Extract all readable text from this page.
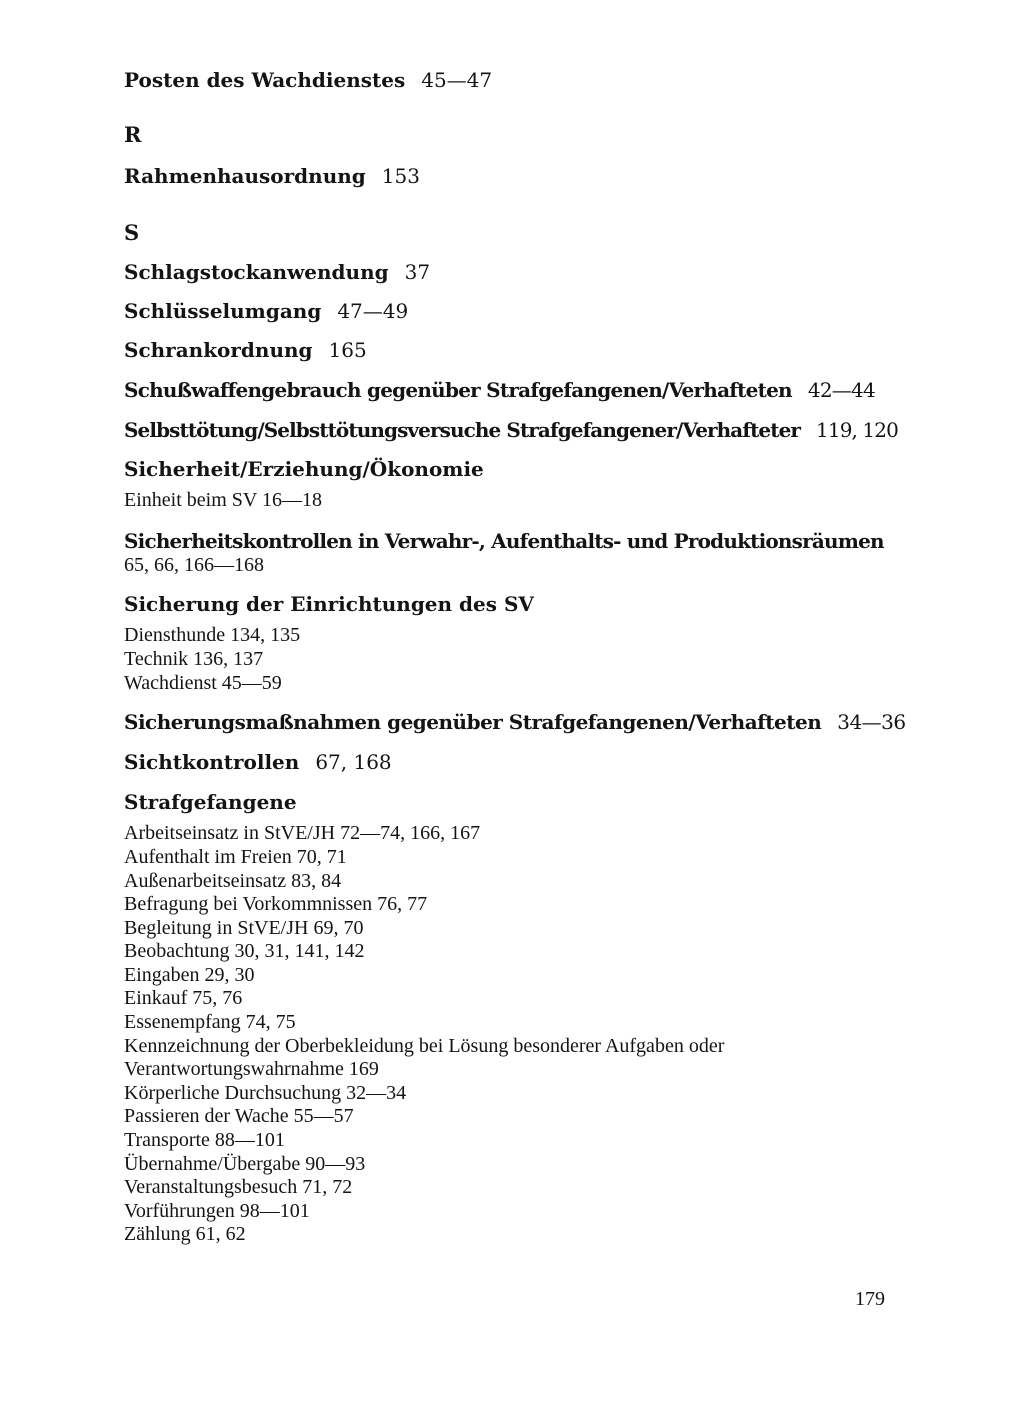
Posten des Wachdienstes 45—47
R
Rahmenhausordnung 153
S
Schlagstockanwendung 37
Schlüsselumgang 47—49
Schrankordnung 165
Schußwaffengebrauch gegenüber Strafgefangenen/Verhafteten 42—44
Selbsttötung/Selbsttötungsversuche Strafgefangener/Verhafteter 119, 120
Sicherheit/Erziehung/Ökonomie
Einheit beim SV 16—18
Sicherheitskontrollen in Verwahr-, Aufenthalts- und Produktionsräumen
65, 66, 166—168
Sicherung der Einrichtungen des SV
Diensthunde 134, 135
Technik 136, 137
Wachdienst 45—59
Sicherungsmaßnahmen gegenüber Strafgefangenen/Verhafteten 34—36
Sichtkontrollen 67, 168
Strafgefangene
Arbeitseinsatz in StVE/JH 72—74, 166, 167
Aufenthalt im Freien 70, 71
Außenarbeitseinsatz 83, 84
Befragung bei Vorkommnissen 76, 77
Begleitung in StVE/JH 69, 70
Beobachtung 30, 31, 141, 142
Eingaben 29, 30
Einkauf 75, 76
Essenempfang 74, 75
Kennzeichnung der Oberbekleidung bei Lösung besonderer Aufgaben oder
Verantwortungswahrnahme 169
Körperliche Durchsuchung 32—34
Passieren der Wache 55—57
Transporte 88—101
Übernahme/Übergabe 90—93
Veranstaltungsbesuch 71, 72
Vorführungen 98—101
Zählung 61, 62
179
